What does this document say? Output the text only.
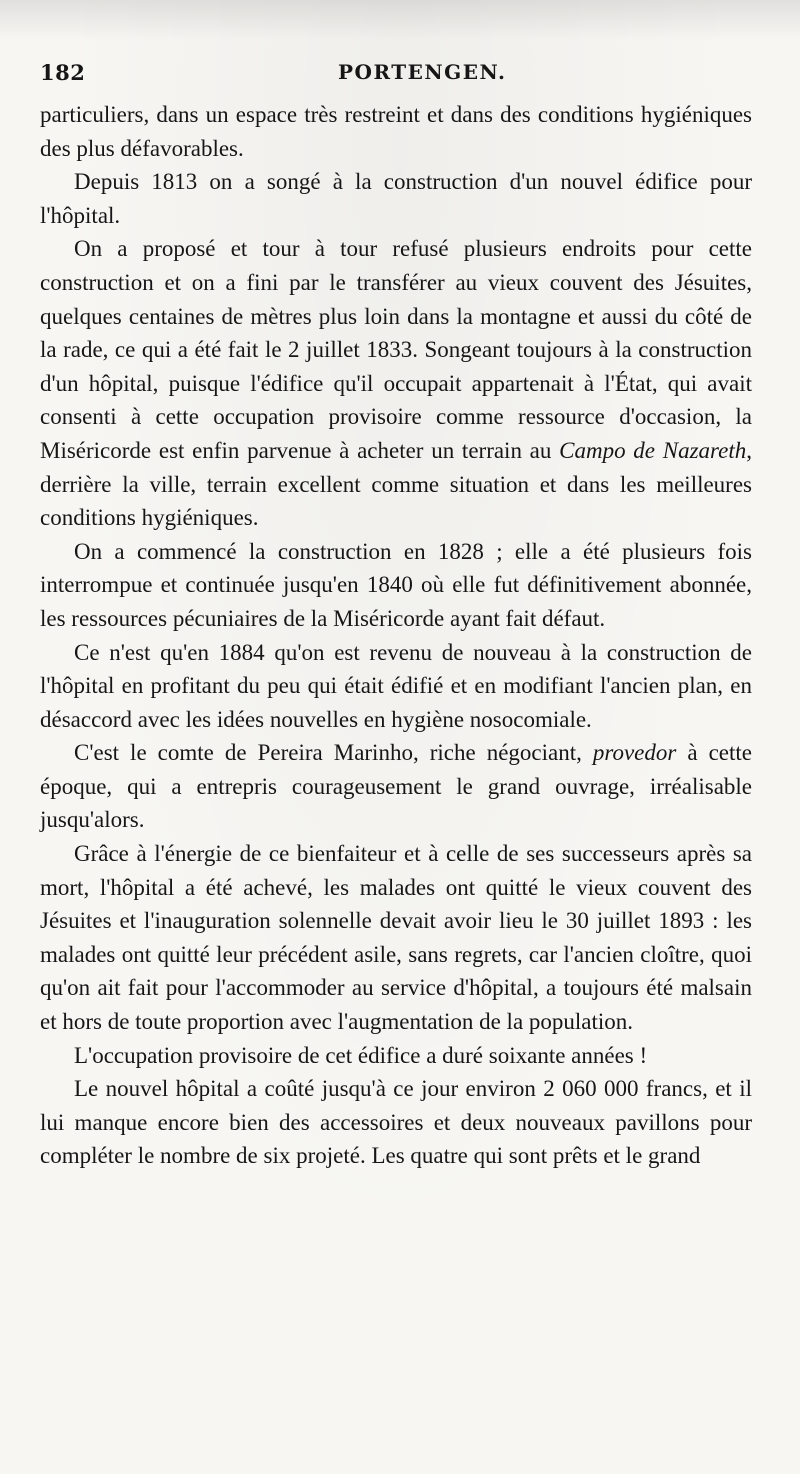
182	PORTENGEN.

particuliers, dans un espace très restreint et dans des conditions hygiéniques des plus défavorables.

Depuis 1813 on a songé à la construction d'un nouvel édifice pour l'hôpital.

On a proposé et tour à tour refusé plusieurs endroits pour cette construction et on a fini par le transférer au vieux couvent des Jésuites, quelques centaines de mètres plus loin dans la montagne et aussi du côté de la rade, ce qui a été fait le 2 juillet 1833. Songeant toujours à la construction d'un hôpital, puisque l'édifice qu'il occupait appartenait à l'État, qui avait consenti à cette occupation provisoire comme ressource d'occasion, la Miséricorde est enfin parvenue à acheter un terrain au Campo de Nazareth, derrière la ville, terrain excellent comme situation et dans les meilleures conditions hygiéniques.

On a commencé la construction en 1828 ; elle a été plusieurs fois interrompue et continuée jusqu'en 1840 où elle fut définitivement abonnée, les ressources pécuniaires de la Miséricorde ayant fait défaut.

Ce n'est qu'en 1884 qu'on est revenu de nouveau à la construction de l'hôpital en profitant du peu qui était édifié et en modifiant l'ancien plan, en désaccord avec les idées nouvelles en hygiène nosocomiale.

C'est le comte de Pereira Marinho, riche négociant, provedor à cette époque, qui a entrepris courageusement le grand ouvrage, irréalisable jusqu'alors.

Grâce à l'énergie de ce bienfaiteur et à celle de ses successeurs après sa mort, l'hôpital a été achevé, les malades ont quitté le vieux couvent des Jésuites et l'inauguration solennelle devait avoir lieu le 30 juillet 1893 : les malades ont quitté leur précédent asile, sans regrets, car l'ancien cloître, quoi qu'on ait fait pour l'accommoder au service d'hôpital, a toujours été malsain et hors de toute proportion avec l'augmentation de la population.

L'occupation provisoire de cet édifice a duré soixante années !

Le nouvel hôpital a coûté jusqu'à ce jour environ 2 060 000 francs, et il lui manque encore bien des accessoires et deux nouveaux pavillons pour compléter le nombre de six projeté. Les quatre qui sont prêts et le grand
